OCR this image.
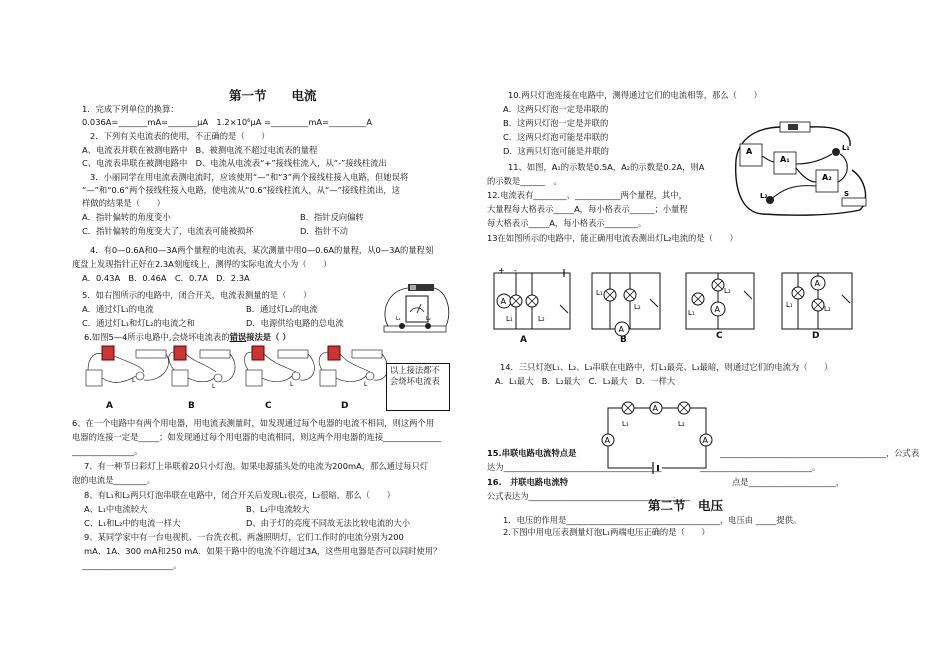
第一节　　电流
1．完成下列单位的换算：
0.036A=_______mA=_______μA　1.2×10⁶μA =_________mA=_________A
2．下列有关电流表的使用，不正确的是（　　）
A、电流表并联在被测电路中　B、被测电流不超过电流表的量程
C、电流表串联在被测电路中　D、电流从电流表“+”接线柱流入，从“-”接线柱流出
3．小丽同学在用电流表测电流时，应该使用“—”和“3”两个接线柱接入电路，但她误将
“—”和“0.6”两个接线柱接入电路，使电流从“0.6”接线柱流入，从“—”接线柱流出，这
样做的结果是（　　）
A．指针偏转的角度变小	B．指针反向偏转
C．指针偏转的角度变大了，电流表可能被损坏	D．指针不动
4．有0—0.6A和0—3A两个量程的电流表，某次测量中用0—0.6A的量程，从0—3A的量程刻
度盘上发现指针正好在2.3A刻度线上，测得的实际电流大小为（　　）
A．0.43A　B．0.46A　C．0.7A　D．2.3A
5．如右图所示的电路中，闭合开关，电流表测量的是（　　）
A．通过灯L₁的电流	B．通过灯L₂的电流
C．通过灯L₁和灯L₂的电流之和	D．电源供给电路的总电流
6.如图5—4所示电路中,会烧坏电流表的错误接法是（ ）
L₁	L₂
L
L	L	L
A	B	C	D
以上接法都不会烧坏电流表
6、在一个电路中有两个用电器，用电流表测量时，如发现通过每个电器的电流不相同，则这两个用
电器的连接一定是_____；如发现通过每个用电器的电流相同，则这两个用电器的连接______________
_______________。
7、有一种节日彩灯上串联着20只小灯泡，如果电源插头处的电流为200mA，那么通过每只灯
泡的电流是________。
8、有L₁和L₂两只灯泡串联在电路中，闭合开关后发现L₁很亮，L₂很暗，那么（　　）
A、L₁中电流较大	B、L₂中电流较大
C、L₁和L₂中的电流一样大	D、由于灯的亮度不同故无法比较电流的大小
9、某同学家中有一台电视机、一台洗衣机、两盏照明灯，它们工作时的电流分别为200
mA、1A、300 mA和250 mA．如果干路中的电流不许超过3A，这些用电器是否可以同时使用？
______________________。
10.两只灯泡连接在电路中，测得通过它们的电流相等，那么（　　）
A．这两只灯泡一定是串联的
B．这两只灯泡一定是并联的
C．这两只灯泡可能是串联的
D．这两只灯泡可能是并联的
11、如图，A₁的示数是0.5A，A₂的示数是0.2A，则A
的示数是______　。
12.电流表有________、___________两个量程，其中，
大量程每大格表示_____A，每小格表示______；小量程
每大格表示_____A，每小格表示________。
A
A₁
A₂
L₁
L₂	S
13在如图所示的电路中，能正确用电流表测出灯L₂电流的是（　　）
A
L₁	L₂
+ -
A
L₁
L₂	A
L₁
L₂
A
L₁	L₂
A	B	C	D
14．三只灯泡L₁、L₂、L₃串联在电路中，灯L₁最亮、L₃最暗，则通过它们的电流为（　　）
A．L₁最大　B．L₂最大　C．L₃最大　D．一样大
A
A	A
L₁	L₂
15.串联电路电流特点是	________________________________________，公式表
达为______________________________________	___________________________。
16.　并联电路电流特	点是_____________________，
公式表达为_______________________________________
第二节　电压
1．电压的作用是_____________________________________，电压由 _____提供。
2.下图中用电压表测量灯泡L₁两端电压正确的是（　　）
